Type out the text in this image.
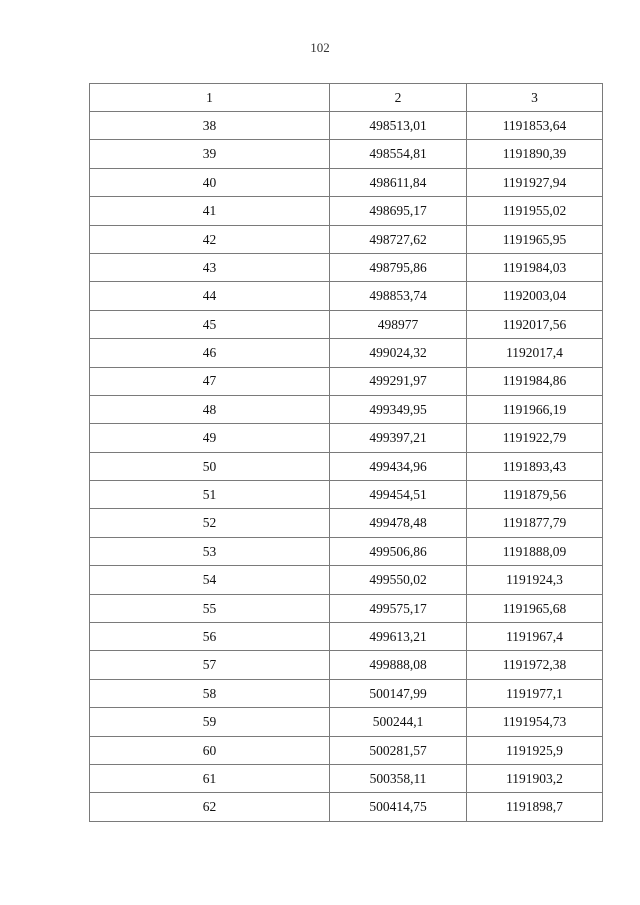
102
1	2	3
38	498513,01	1191853,64
39	498554,81	1191890,39
40	498611,84	1191927,94
41	498695,17	1191955,02
42	498727,62	1191965,95
43	498795,86	1191984,03
44	498853,74	1192003,04
45	498977	1192017,56
46	499024,32	1192017,4
47	499291,97	1191984,86
48	499349,95	1191966,19
49	499397,21	1191922,79
50	499434,96	1191893,43
51	499454,51	1191879,56
52	499478,48	1191877,79
53	499506,86	1191888,09
54	499550,02	1191924,3
55	499575,17	1191965,68
56	499613,21	1191967,4
57	499888,08	1191972,38
58	500147,99	1191977,1
59	500244,1	1191954,73
60	500281,57	1191925,9
61	500358,11	1191903,2
62	500414,75	1191898,7
